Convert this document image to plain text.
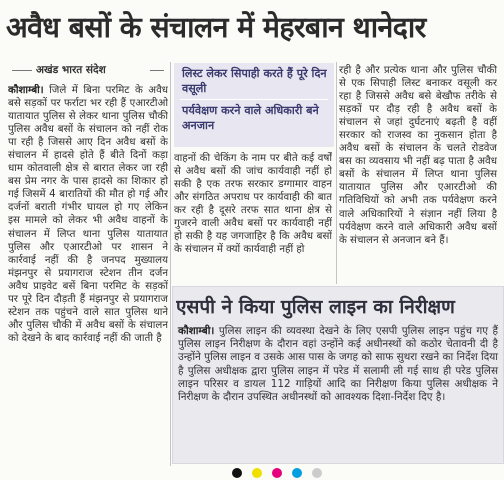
अवैध बसों के संचालन में मेहरबान थानेदार
अखंड भारत संदेश
कौशाम्बी। जिले में बिना परमिट के अवैध बसे सड़कों पर फर्राटा भर रही हैं एआरटीओ यातायात पुलिस से लेकर थाना पुलिस चौकी पुलिस अवैध बसों के संचालन को नहीं रोक पा रही है जिससे आए दिन अवैध बसों के संचालन में हादसे होते हैं बीते दिनों कड़ा धाम कोतवाली क्षेत्र से बारात लेकर जा रही बस प्रेम नगर के पास हादसे का शिकार हो गई जिसमें 4 बारातियों की मौत हो गई और दर्जनों बराती गंभीर घायल हो गए लेकिन इस मामले को लेकर भी अवैध वाहनों के संचालन में लिप्त थाना पुलिस यातायात पुलिस और एआरटीओ पर शासन ने कार्रवाई नहीं की है जनपद मुख्यालय मंझनपुर से प्रयागराज स्टेशन तीन दर्जन अवैध प्राइवेट बसें बिना परमिट के सड़कों पर पूरे दिन दौड़ती हैं मंझनपुर से प्रयागराज स्टेशन तक पहुंचने वाले सात पुलिस थाने और पुलिस चौकी में अवैध बसों के संचालन को देखने के बाद कार्रवाई नहीं की जाती है
लिस्ट लेकर सिपाही करते हैं पूरे दिन वसूली
पर्यवेक्षण करने वाले अधिकारी बने अनजान
वाहनों की चेकिंग के नाम पर बीते कई वर्षों से अवैध बसों की जांच कार्यवाही नहीं हो सकी है एक तरफ सरकार डग्गामार वाहन और संगठित अपराध पर कार्यवाही की बात कर रही है दूसरे तरफ सात थाना क्षेत्र से गुजरने वाली अवैध बसों पर कार्यवाही नहीं हो सकी है यह जगजाहिर है कि अवैध बसों के संचालन में क्यों कार्यवाही नहीं हो
रही है और प्रत्येक थाना और पुलिस चौकी से एक सिपाही लिस्ट बनाकर वसूली कर रहा है जिससे अवैध बसे बेखौफ तरीके से सड़कों पर दौड़ रही है अवैध बसों के संचालन से जहां दुर्घटनाएं बढ़ती है वहीं सरकार को राजस्व का नुकसान होता है अवैध बसों के संचालन के चलते रोडवेज बस का व्यवसाय भी नहीं बढ़ पाता है अवैध बसों के संचालन में लिप्त थाना पुलिस यातायात पुलिस और एआरटीओ की गतिविधियों को अभी तक पर्यवेक्षण करने वाले अधिकारियों ने संज्ञान नहीं लिया है पर्यवेक्षण करने वाले अधिकारी अवैध बसों के संचालन से अनजान बने हैं।
एसपी ने किया पुलिस लाइन का निरीक्षण
कौशाम्बी। पुलिस लाइन की व्यवस्था देखने के लिए एसपी पुलिस लाइन पहुंच गए हैं पुलिस लाइन निरीक्षण के दौरान वहां उन्होंने कई अधीनस्थों को कठोर चेतावनी दी है उन्होंने पुलिस लाइन व उसके आस पास के जगह को साफ सुथरा रखने का निर्देश दिया है पुलिस अधीक्षक द्वारा पुलिस लाइन में परेड में सलामी ली गई साथ ही परेड पुलिस लाइन परिसर व डायल 112 गाड़ियों आदि का निरीक्षण किया पुलिस अधीक्षक ने निरीक्षण के दौरान उपस्थित अधीनस्थों को आवश्यक दिशा-निर्देश दिए है।
